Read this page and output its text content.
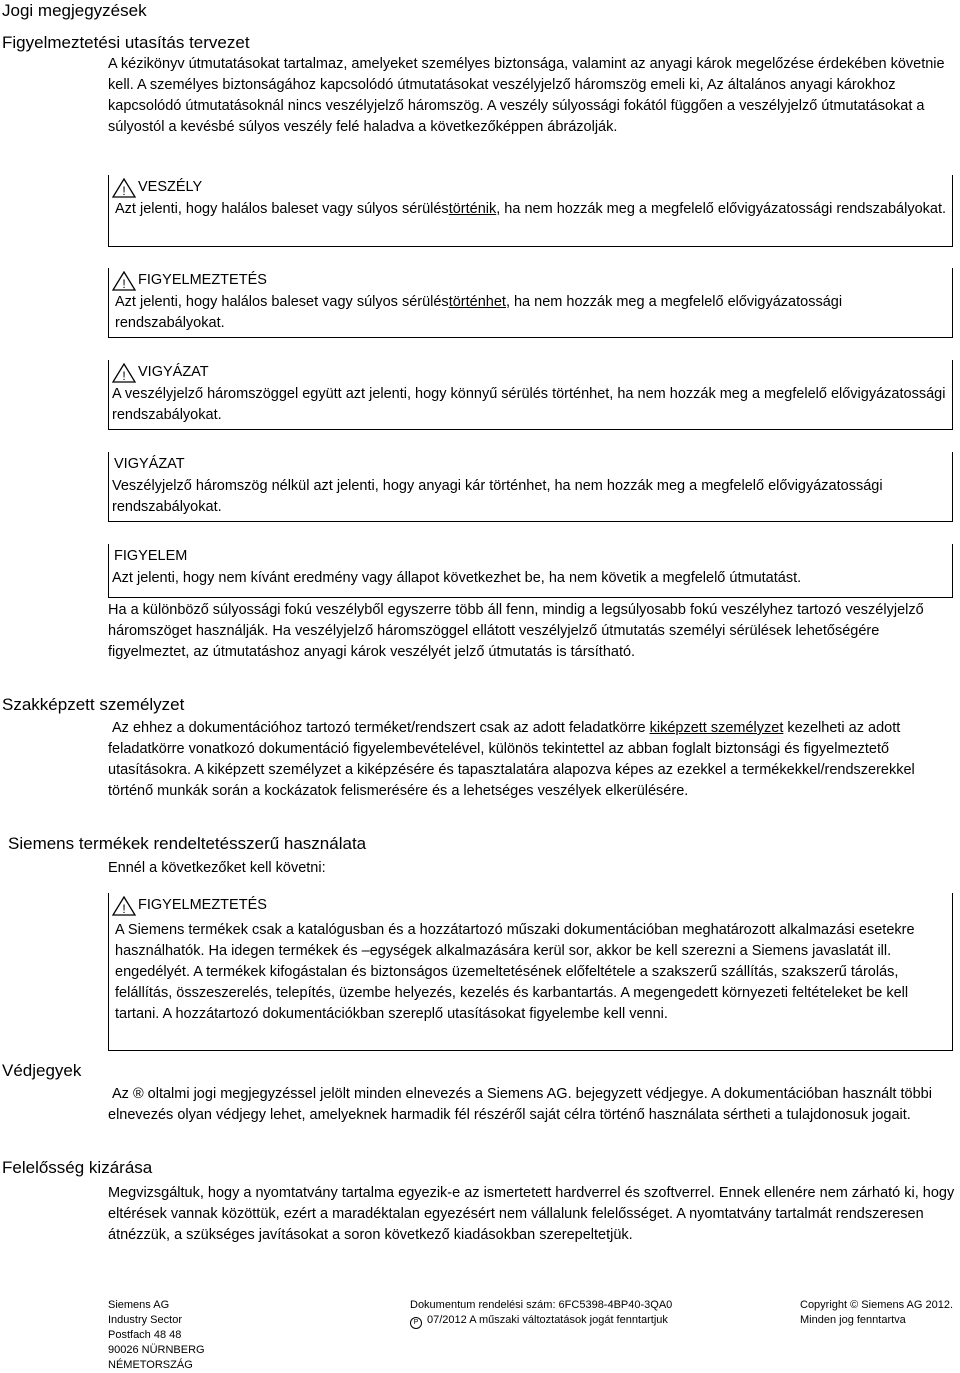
Jogi megjegyzések
Figyelmeztetési utasítás tervezet
A kézikönyv útmutatásokat tartalmaz, amelyeket személyes biztonsága, valamint az anyagi károk megelőzése érdekében követnie kell. A személyes biztonságához kapcsolódó útmutatásokat veszélyjelző háromszög emeli ki, Az általános anyagi károkhoz kapcsolódó útmutatásoknál nincs veszélyjelző háromszög. A veszély súlyossági fokától függően a veszélyjelző útmutatásokat a súlyostól a kevésbé súlyos veszély felé haladva a következőképpen ábrázolják.
! VESZÉLY
Azt jelenti, hogy halálos baleset vagy súlyos sérüléstörténik, ha nem hozzák meg a megfelelő elővigyázatossági rendszabályokat.
! FIGYELMEZTETÉS
Azt jelenti, hogy halálos baleset vagy súlyos sérüléstörténhet, ha nem hozzák meg a megfelelő elővigyázatossági rendszabályokat.
! VIGYÁZAT
A veszélyjelző háromszöggel együtt azt jelenti, hogy könnyű sérülés történhet, ha nem hozzák meg a megfelelő elővigyázatossági rendszabályokat.
VIGYÁZAT
Veszélyjelző háromszög nélkül azt jelenti, hogy anyagi kár történhet, ha nem hozzák meg a megfelelő elővigyázatossági rendszabályokat.
FIGYELEM
Azt jelenti, hogy nem kívánt eredmény vagy állapot következhet be, ha nem követik a megfelelő útmutatást.
Ha a különböző súlyossági fokú veszélyből egyszerre több áll fenn, mindig a legsúlyosabb fokú veszélyhez tartozó veszélyjelző háromszöget használják. Ha veszélyjelző háromszöggel ellátott veszélyjelző útmutatás személyi sérülések lehetőségére figyelmeztet, az útmutatáshoz anyagi károk veszélyét jelző útmutatás is társítható.
Szakképzett személyzet
Az ehhez a dokumentációhoz tartozó terméket/rendszert csak az adott feladatkörre kiképzett személyzet kezelheti az adott feladatkörre vonatkozó dokumentáció figyelembevételével, különös tekintettel az abban foglalt biztonsági és figyelmeztető utasításokra. A kiképzett személyzet a kiképzésére és tapasztalatára alapozva képes az ezekkel a termékekkel/rendszerekkel történő munkák során a kockázatok felismerésére és a lehetséges veszélyek elkerülésére.
Siemens termékek rendeltetésszerű használata
Ennél a következőket kell követni:
! FIGYELMEZTETÉS
A Siemens termékek csak a katalógusban és a hozzátartozó műszaki dokumentációban meghatározott alkalmazási esetekre használhatók. Ha idegen termékek és –egységek alkalmazására kerül sor, akkor be kell szerezni a Siemens javaslatát ill. engedélyét. A termékek kifogástalan és biztonságos üzemeltetésének előfeltétele a szakszerű szállítás, szakszerű tárolás, felállítás, összeszerelés, telepítés, üzembe helyezés, kezelés és karbantartás. A megengedett környezeti feltételeket be kell tartani. A hozzátartozó dokumentációkban szereplő utasításokat figyelembe kell venni.
Védjegyek
Az ® oltalmi jogi megjegyzéssel jelölt minden elnevezés a Siemens AG. bejegyzett védjegye. A dokumentációban használt többi elnevezés olyan védjegy lehet, amelyeknek harmadik fél részéről saját célra történő használata sértheti a tulajdonosuk jogait.
Felelősség kizárása
Megvizsgáltuk, hogy a nyomtatvány tartalma egyezik-e az ismertetett hardverrel és szoftverrel. Ennek ellenére nem zárható ki, hogy eltérések vannak közöttük, ezért a maradéktalan egyezésért nem vállalunk felelősséget. A nyomtatvány tartalmát rendszeresen átnézzük, a szükséges javításokat a soron következő kiadásokban szerepeltetjük.
Siemens AG
Industry Sector
Postfach 48 48
90026 NÜRNBERG
NÉMETORSZÁG
Dokumentum rendelési szám: 6FC5398-4BP40-3QA0
P 07/2012 A műszaki változtatások jogát fenntartjuk
Copyright © Siemens AG 2012.
Minden jog fenntartva
